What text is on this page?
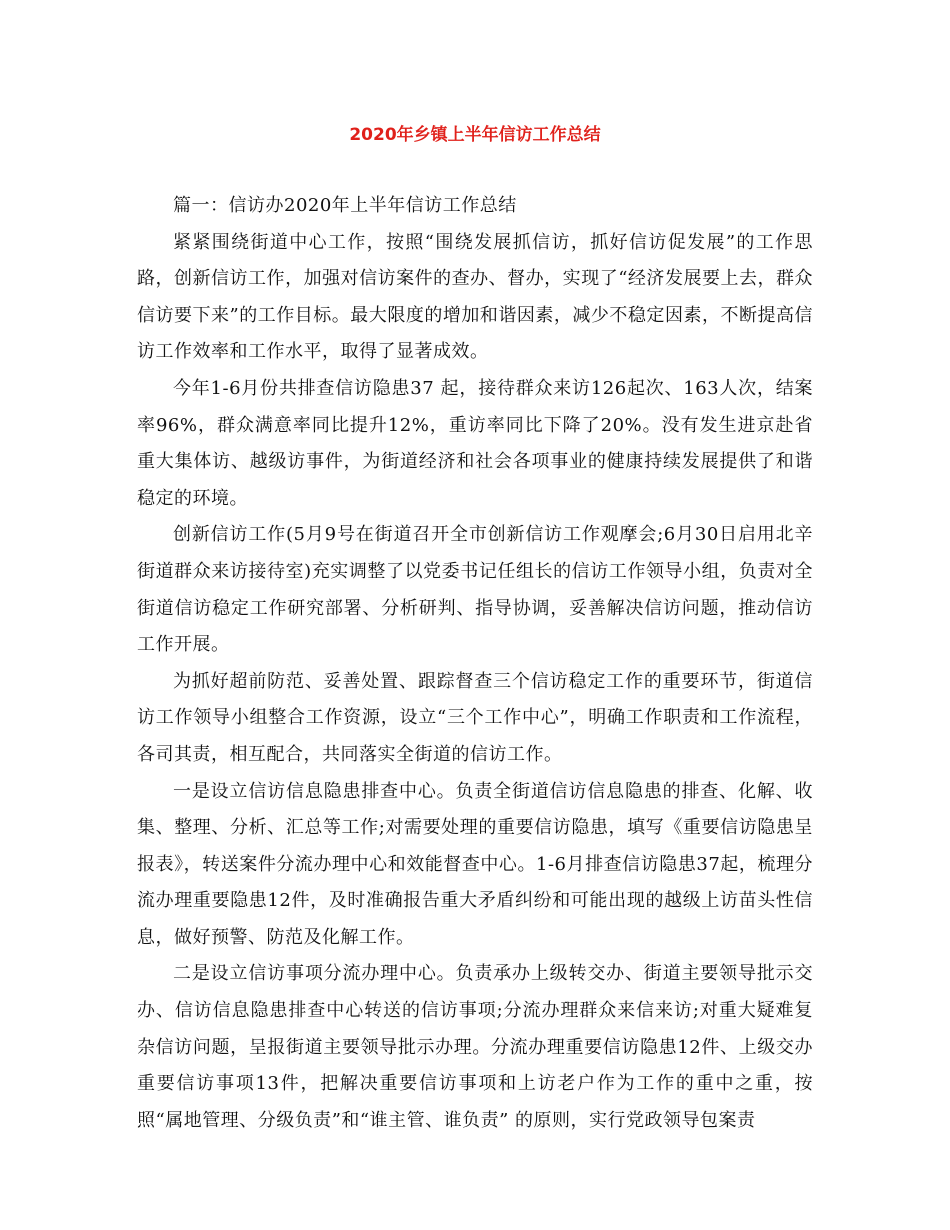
2020年乡镇上半年信访工作总结

篇一：信访办2020年上半年信访工作总结

紧紧围绕街道中心工作，按照“围绕发展抓信访，抓好信访促发展”的工作思路，创新信访工作，加强对信访案件的查办、督办，实现了“经济发展要上去，群众信访要下来”的工作目标。最大限度的增加和谐因素，减少不稳定因素，不断提高信访工作效率和工作水平，取得了显著成效。

今年1-6月份共排查信访隐患37 起，接待群众来访126起次、163人次，结案率96%，群众满意率同比提升12%，重访率同比下降了20%。没有发生进京赴省重大集体访、越级访事件，为街道经济和社会各项事业的健康持续发展提供了和谐稳定的环境。

创新信访工作(5月9号在街道召开全市创新信访工作观摩会;6月30日启用北辛街道群众来访接待室)充实调整了以党委书记任组长的信访工作领导小组，负责对全街道信访稳定工作研究部署、分析研判、指导协调，妥善解决信访问题，推动信访工作开展。

为抓好超前防范、妥善处置、跟踪督查三个信访稳定工作的重要环节，街道信访工作领导小组整合工作资源，设立“三个工作中心”，明确工作职责和工作流程，各司其责，相互配合，共同落实全街道的信访工作。

一是设立信访信息隐患排查中心。负责全街道信访信息隐患的排查、化解、收集、整理、分析、汇总等工作;对需要处理的重要信访隐患，填写《重要信访隐患呈报表》，转送案件分流办理中心和效能督查中心。1-6月排查信访隐患37起，梳理分流办理重要隐患12件，及时准确报告重大矛盾纠纷和可能出现的越级上访苗头性信息，做好预警、防范及化解工作。

二是设立信访事项分流办理中心。负责承办上级转交办、街道主要领导批示交办、信访信息隐患排查中心转送的信访事项;分流办理群众来信来访;对重大疑难复杂信访问题，呈报街道主要领导批示办理。分流办理重要信访隐患12件、上级交办重要信访事项13件，把解决重要信访事项和上访老户作为工作的重中之重，按照“属地管理、分级负责”和“谁主管、谁负责” 的原则，实行党政领导包案责
